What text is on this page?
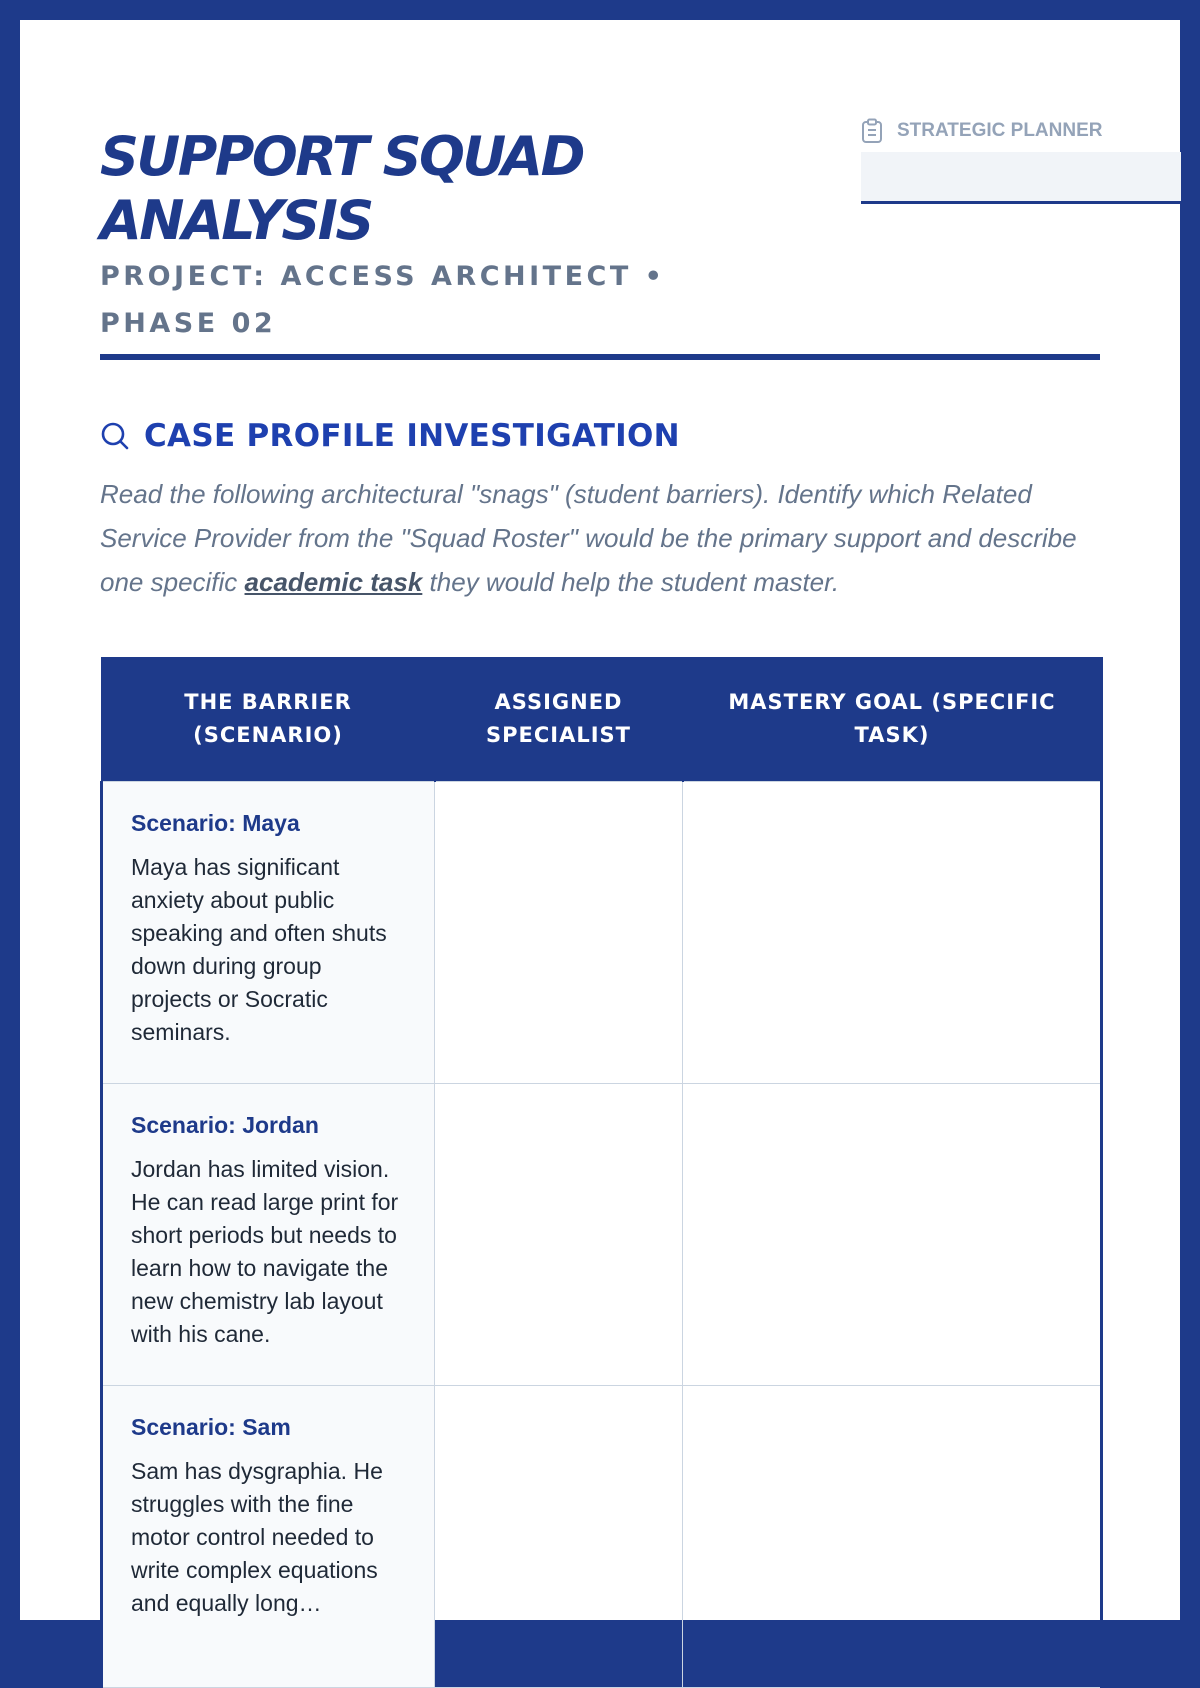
SUPPORT SQUAD ANALYSIS
PROJECT: ACCESS ARCHITECT • PHASE 02
STRATEGIC PLANNER
CASE PROFILE INVESTIGATION

Read the following architectural "snags" (student barriers). Identify which Related Service Provider from the "Squad Roster" would be the primary support and describe one specific academic task they would help the student master.

THE BARRIER (SCENARIO)	ASSIGNED SPECIALIST	MASTERY GOAL (SPECIFIC TASK)

Scenario: Maya

Maya has significant anxiety about public speaking and often shuts down during group projects or Socratic seminars.		

Scenario: Jordan

Jordan has limited vision. He can read large print for short periods but needs to learn how to navigate the new chemistry lab layout with his cane.		

Scenario: Sam

Sam has dysgraphia. He struggles with the fine motor control needed to write complex equations and equally long…		
